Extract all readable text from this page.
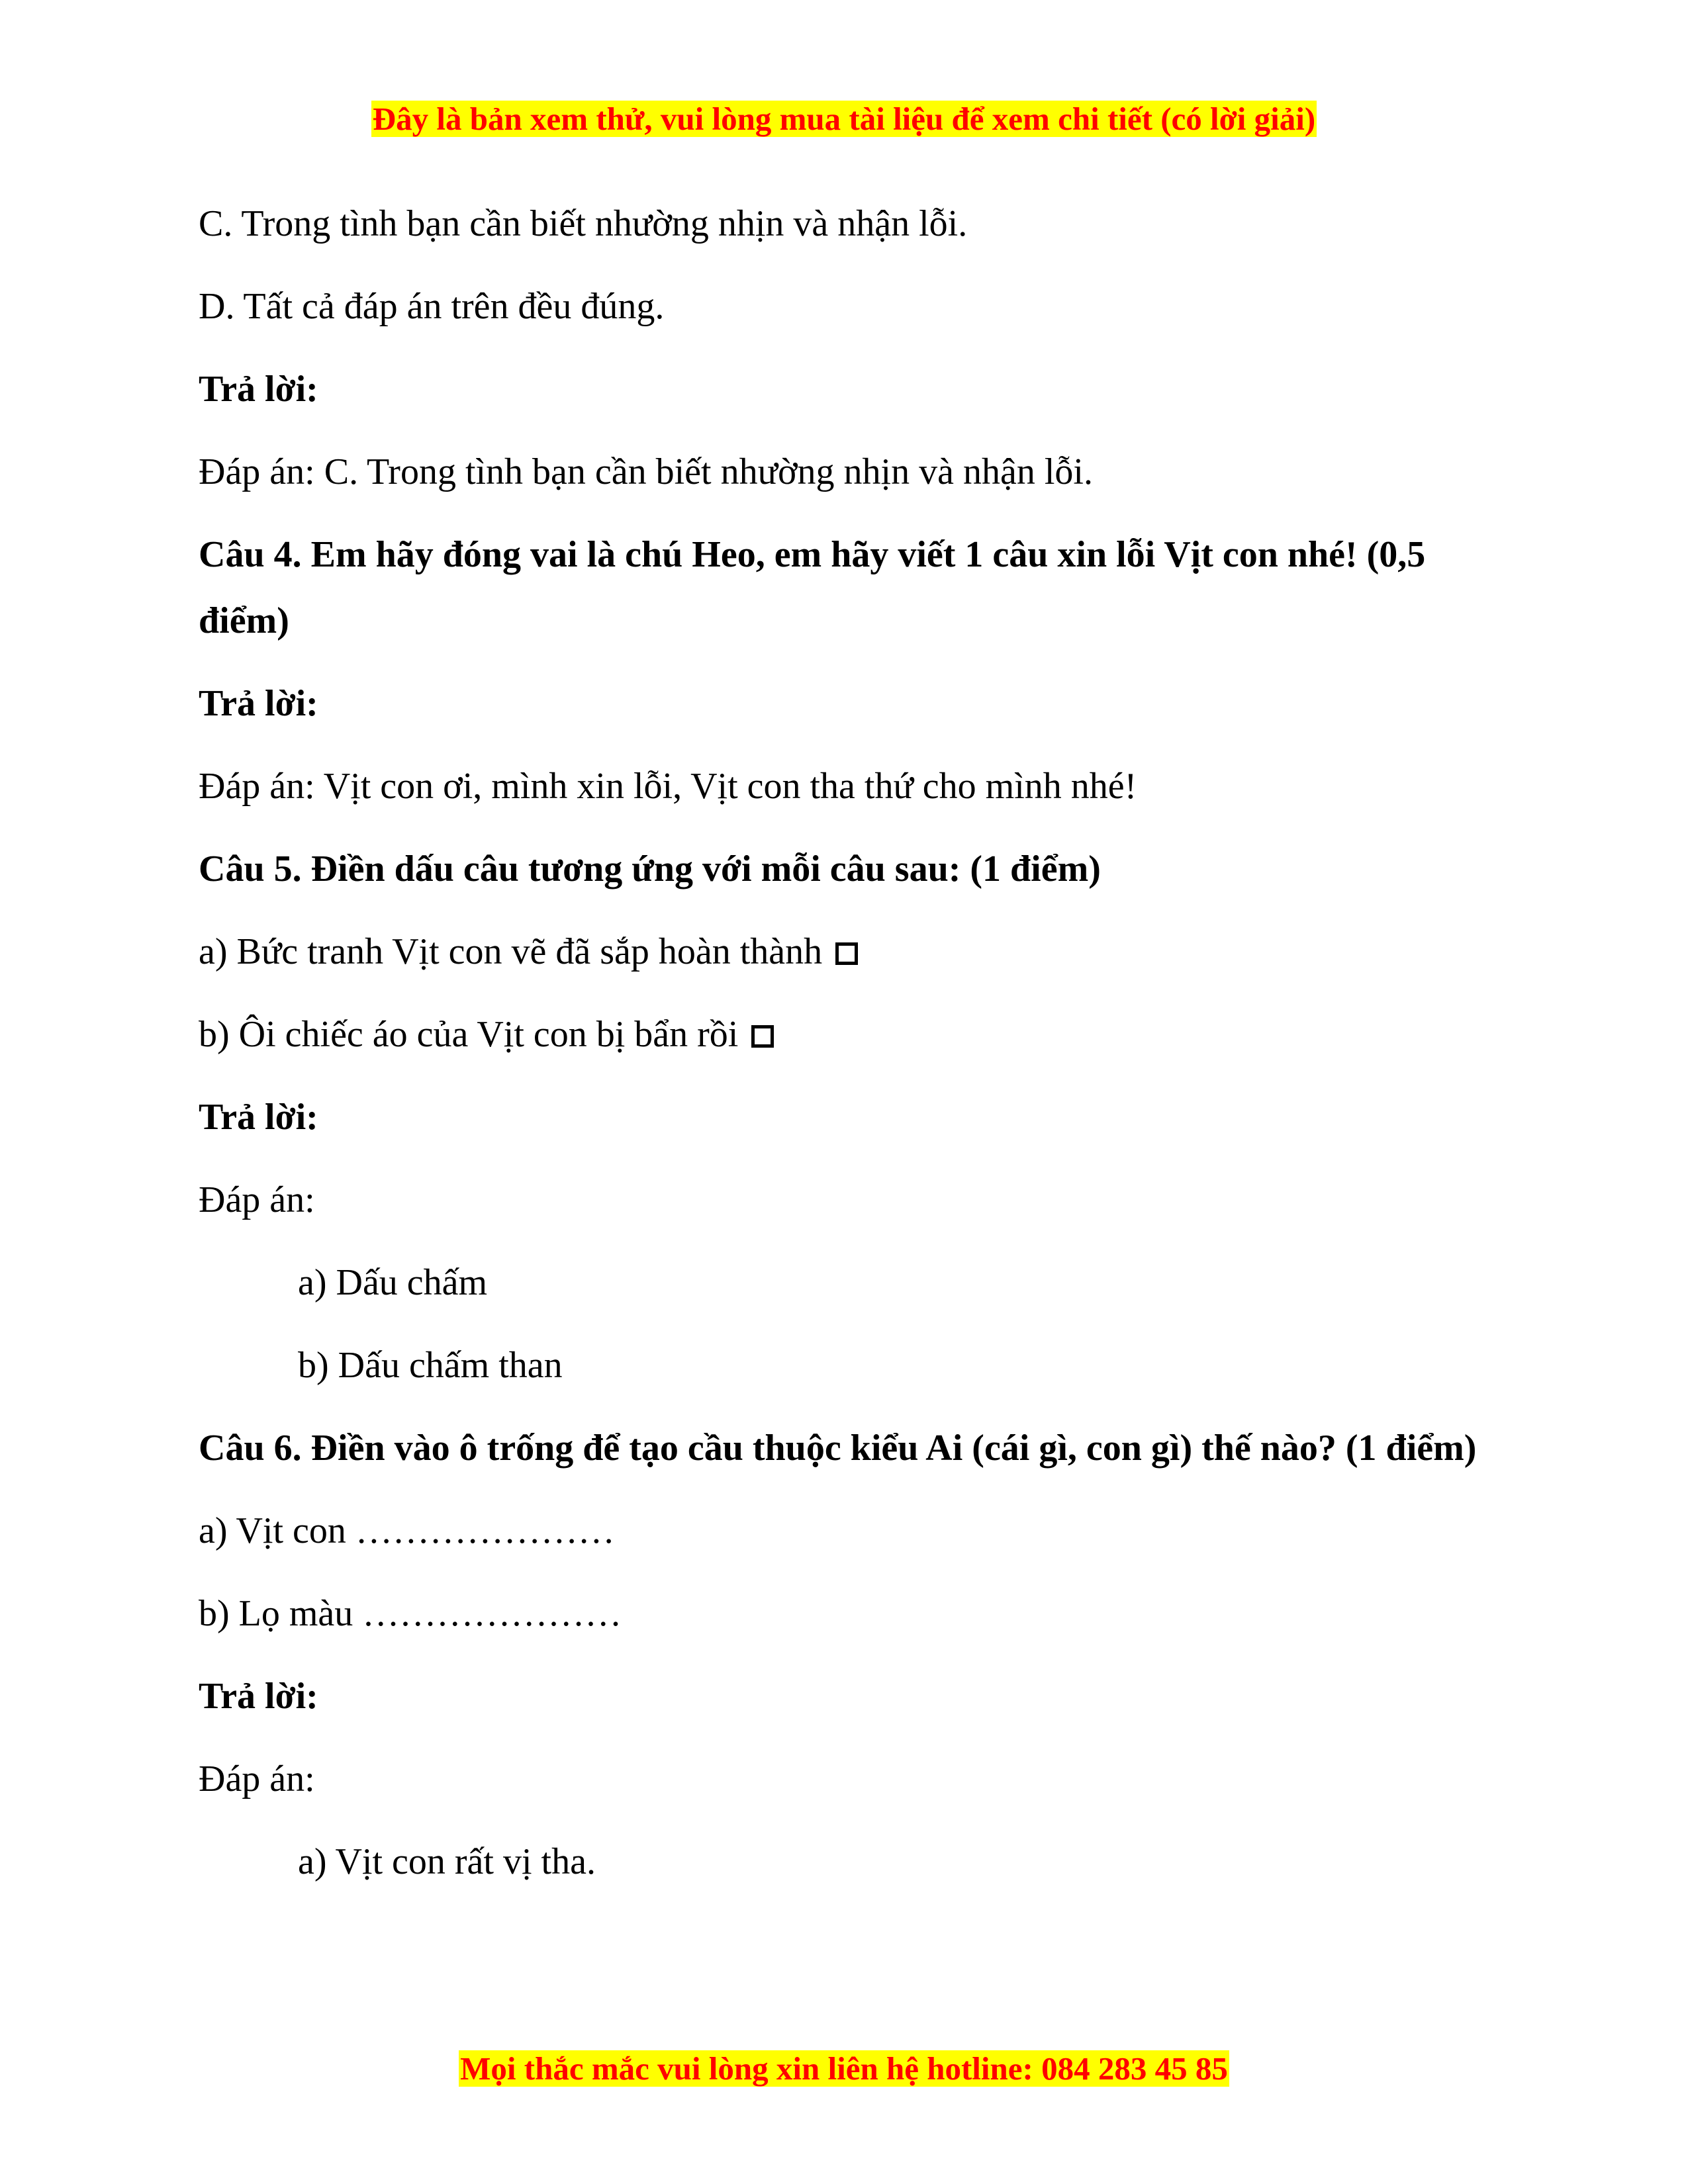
Đây là bản xem thử, vui lòng mua tài liệu để xem chi tiết (có lời giải)
C. Trong tình bạn cần biết nhường nhịn và nhận lỗi.
D. Tất cả đáp án trên đều đúng.
Trả lời:
Đáp án: C. Trong tình bạn cần biết nhường nhịn và nhận lỗi.
Câu 4. Em hãy đóng vai là chú Heo, em hãy viết 1 câu xin lỗi Vịt con nhé! (0,5 điểm)
Trả lời:
Đáp án: Vịt con ơi, mình xin lỗi, Vịt con tha thứ cho mình nhé!
Câu 5. Điền dấu câu tương ứng với mỗi câu sau: (1 điểm)
a) Bức tranh Vịt con vẽ đã sắp hoàn thành
b) Ôi chiếc áo của Vịt con bị bẩn rồi
Trả lời:
Đáp án:
a) Dấu chấm
b) Dấu chấm than
Câu 6. Điền vào ô trống để tạo cầu thuộc kiểu Ai (cái gì, con gì) thế nào? (1 điểm)
a) Vịt con …………………
b) Lọ màu …………………
Trả lời:
Đáp án:
a) Vịt con rất vị tha.
Mọi thắc mắc vui lòng xin liên hệ hotline: 084 283 45 85
